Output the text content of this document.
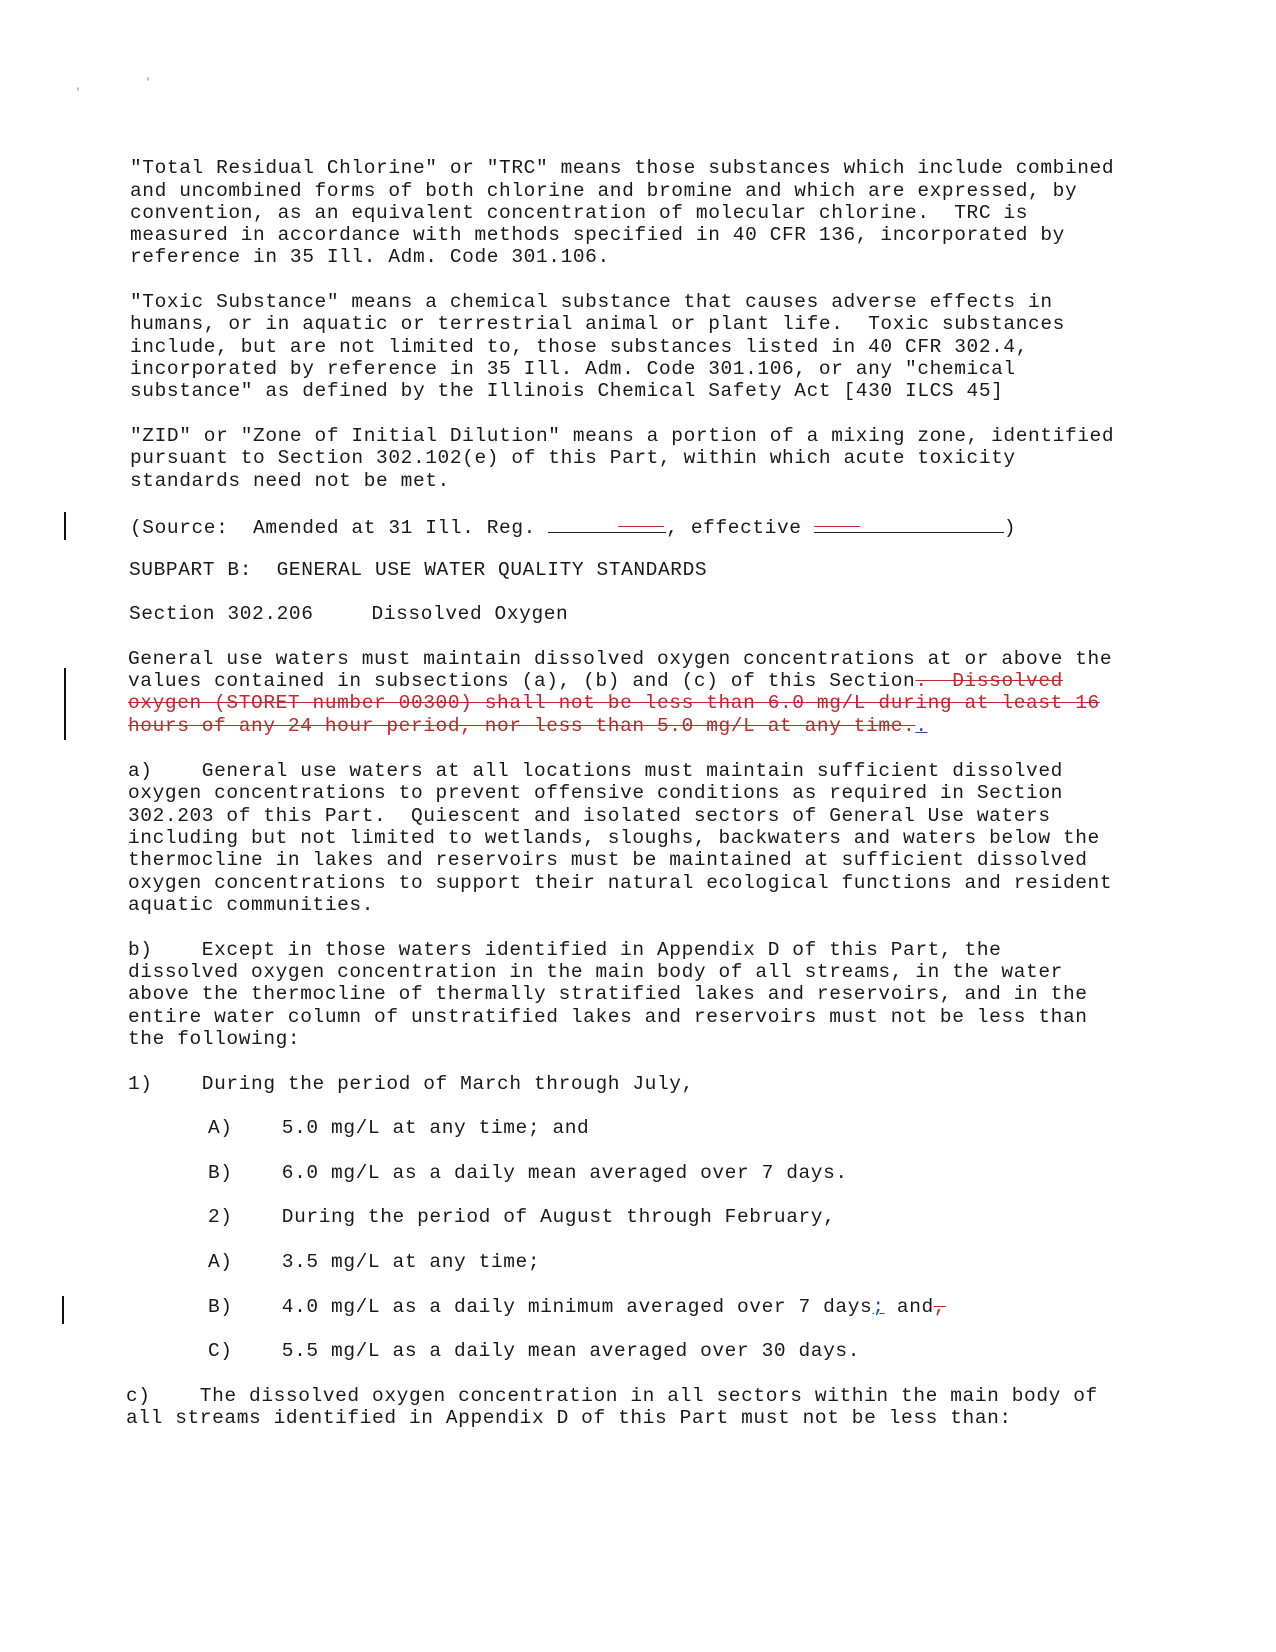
'
'
"Total Residual Chlorine" or "TRC" means those substances which include combined
and uncombined forms of both chlorine and bromine and which are expressed, by
convention, as an equivalent concentration of molecular chlorine.  TRC is
measured in accordance with methods specified in 40 CFR 136, incorporated by
reference in 35 Ill. Adm. Code 301.106.
"Toxic Substance" means a chemical substance that causes adverse effects in
humans, or in aquatic or terrestrial animal or plant life.  Toxic substances
include, but are not limited to, those substances listed in 40 CFR 302.4,
incorporated by reference in 35 Ill. Adm. Code 301.106, or any "chemical
substance" as defined by the Illinois Chemical Safety Act [430 ILCS 45]
"ZID" or "Zone of Initial Dilution" means a portion of a mixing zone, identified
pursuant to Section 302.102(e) of this Part, within which acute toxicity
standards need not be met.
(Source:  Amended at 31 Ill. Reg.	, effective	)
SUBPART B:  GENERAL USE WATER QUALITY STANDARDS
Section 302.206	Dissolved Oxygen
General use waters must maintain dissolved oxygen concentrations at or above the
values contained in subsections (a), (b) and (c) of this Section.  Dissolved
oxygen (STORET number 00300) shall not be less than 6.0 mg/L during at least 16
hours of any 24 hour period, nor less than 5.0 mg/L at any time..
a)    General use waters at all locations must maintain sufficient dissolved
oxygen concentrations to prevent offensive conditions as required in Section
302.203 of this Part.  Quiescent and isolated sectors of General Use waters
including but not limited to wetlands, sloughs, backwaters and waters below the
thermocline in lakes and reservoirs must be maintained at sufficient dissolved
oxygen concentrations to support their natural ecological functions and resident
aquatic communities.
b)    Except in those waters identified in Appendix D of this Part, the
dissolved oxygen concentration in the main body of all streams, in the water
above the thermocline of thermally stratified lakes and reservoirs, and in the
entire water column of unstratified lakes and reservoirs must not be less than
the following:
1)    During the period of March through July,
A)    5.0 mg/L at any time; and
B)    6.0 mg/L as a daily mean averaged over 7 days.
2)    During the period of August through February,
A)    3.5 mg/L at any time;
B)    4.0 mg/L as a daily minimum averaged over 7 days; and,
C)    5.5 mg/L as a daily mean averaged over 30 days.
c)    The dissolved oxygen concentration in all sectors within the main body of
all streams identified in Appendix D of this Part must not be less than:
